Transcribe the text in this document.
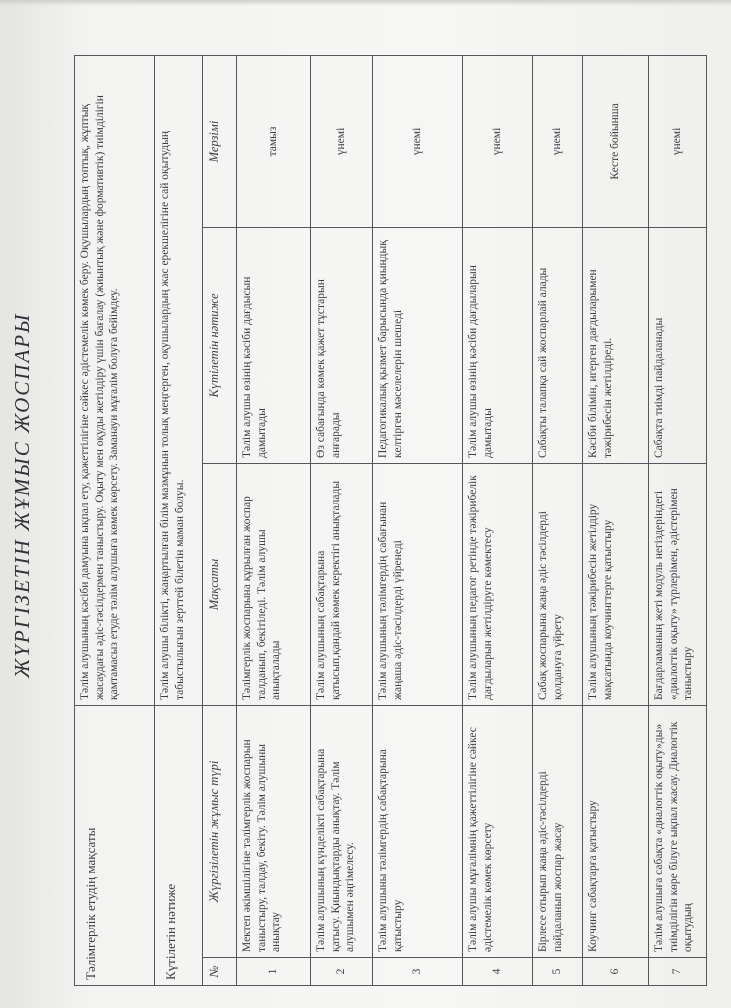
ЖҮРГІЗЕТІН ЖҰМЫС ЖОСПАРЫ
Тәлімгерлік етудің мақсаты		Тәлім алушының кәсіби дамуына ықпал ету, қажеттілігіне сәйкес әдістемелік көмек беру. Оқушылардың топтық, жұптық жасаудағы әдіс-тәсілдермен таныстыру. Оқыту мен оқуды жетілдіру үшін бағалау (жиынтық және формативтік) тиімділігін қамтамасыз етуде тәлім алушыға көмек көрсету. Заманауи мұғалім болуға бейімдеу.		
Күтілетін нәтиже		Тәлім алушы білікті, жаңартылған білім мазмұнын толық меңгерген, оқушылардың жас ерекшелігіне сай оқытудың табыстылығын зерттей білетін маман болуы.		
№	Жүргізілетін жұмыс түрі	Мақсаты	Күтілетін нәтиже	Мерзімі
1	Мектеп әкімшілігіне тәлімгерлік жоспарын таныстыру, талдау, бекіту. Тәлім алушыны анықтау	Тәлімгерлік жоспарына құрылған жоспар талданып, бекітіледі. Тәлім алушы анықталады	Тәлім алушы өзінің кәсіби дағдысын дамытады	тамыз
2	Тәлім алушының күнделікті сабақтарына қатысу. Қиындықтарды анықтау. Тәлім алушымен әңгімелесу.	Тәлім алушының сабақтарына қатысып,қандай көмек керектігі анықталады	Өз сабағында көмек қажет тұстарын анғарады	үнемі
3	Тәлім алушыны тәлімгердің сабақтарына қатыстыру	Тәлім алушының тәлімгердің сабағынан жаңаша әдіс-тәсілдерді үйренеді	Педагогикалық қызмет барысында қиындық келтірген мәселелерін шешеді	үнемі
4	Тәлім алушы мұғалімнің қажеттілігіне сәйкес әдістемелік көмек көрсету	Тәлім алушының педагог ретінде тәжірибелік дағдыларын жетілдіруге көмектесу	Тәлім алушы өзінің кәсіби дағдыларын дамытады	үнемі
5	Бірлесе отырып жаңа әдіс-тәсілдерді пайдаланып жоспар жасау	Сабақ жоспарына жаңа әдіс тәсілдерді қолдануға үйрету	Сабақты талапқа сай жоспарлай алады	үнемі
6	Коучинг сабақтарға қатыстыру	Тәлім алушының тәжірибесін жетілдіру мақсатында коучингтерге қатыстыру	Кәсіби білімін, игерген дағдыларымен тәжірибесін жетілдіреді.	Кесте бойынша
7	Тәлім алушыға сабақта «диалогтік оқыту»ды» тиімділігін көре білуге ықпал жасау. Диалогтік оқытудың	Бағдарламаның жеті модуль негіздеріндегі «диалогтік оқыту» түрлерімен, әдістерімен таныстыру	Сабақта тиімді пайдаланады	үнемі
